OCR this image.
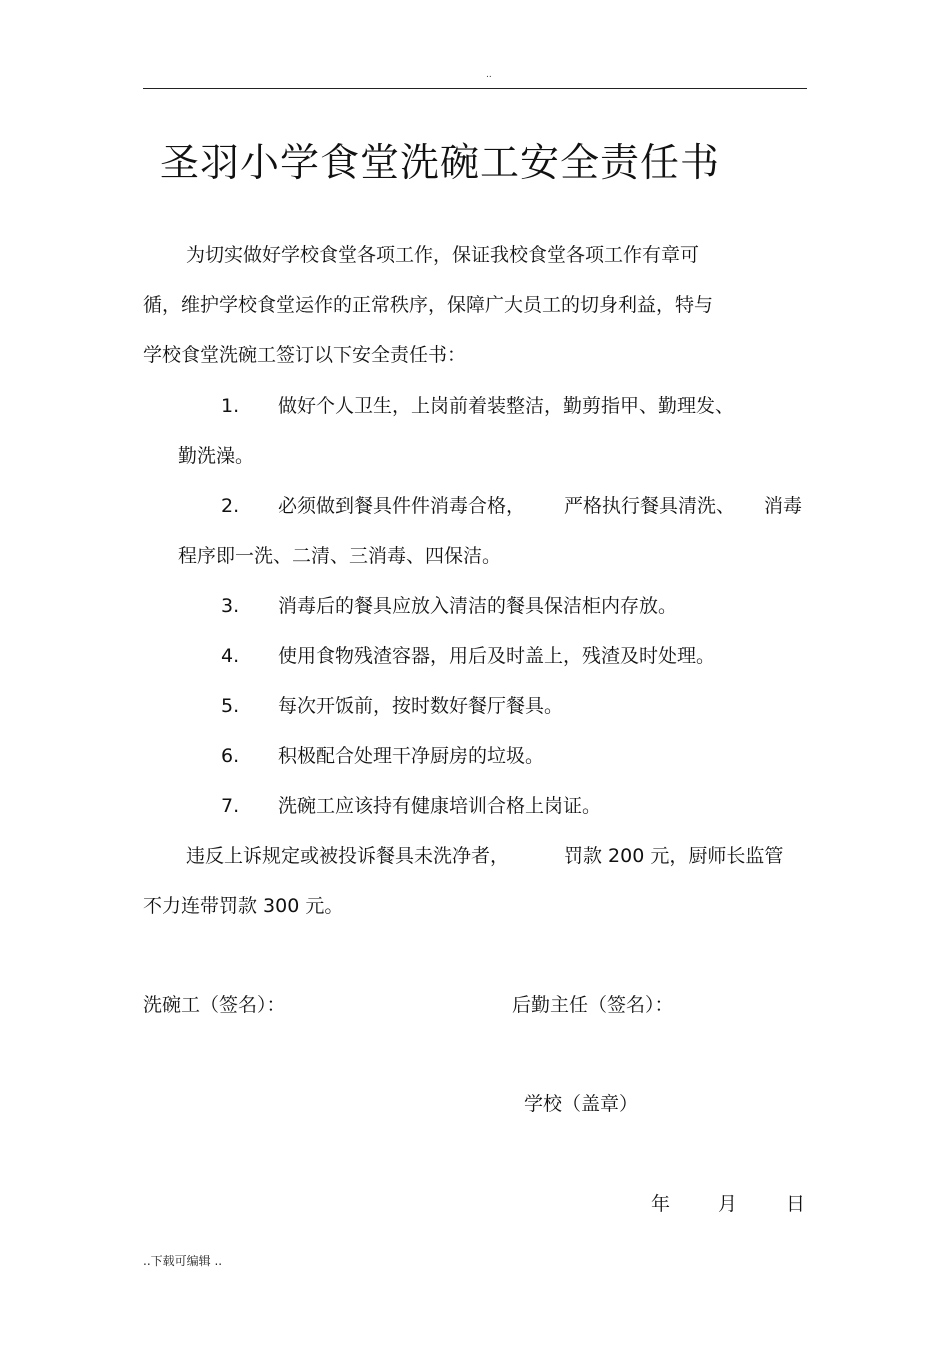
..
圣羽小学食堂洗碗工安全责任书
为切实做好学校食堂各项工作，保证我校食堂各项工作有章可
循，维护学校食堂运作的正常秩序，保障广大员工的切身利益，特与
学校食堂洗碗工签订以下安全责任书：
1. 做好个人卫生，上岗前着装整洁，勤剪指甲、勤理发、
勤洗澡。
2. 必须做到餐具件件消毒合格， 严格执行餐具清洗、 消毒
程序即一洗、二清、三消毒、四保洁。
3. 消毒后的餐具应放入清洁的餐具保洁柜内存放。
4. 使用食物残渣容器，用后及时盖上，残渣及时处理。
5. 每次开饭前，按时数好餐厅餐具。
6. 积极配合处理干净厨房的垃圾。
7. 洗碗工应该持有健康培训合格上岗证。
违反上诉规定或被投诉餐具未洗净者，	罚款 200 元，厨师长监管
不力连带罚款 300 元。
洗碗工（签名）：	后勤主任（签名）：
学校（盖章）
年	月	日
..下载可编辑 ..
